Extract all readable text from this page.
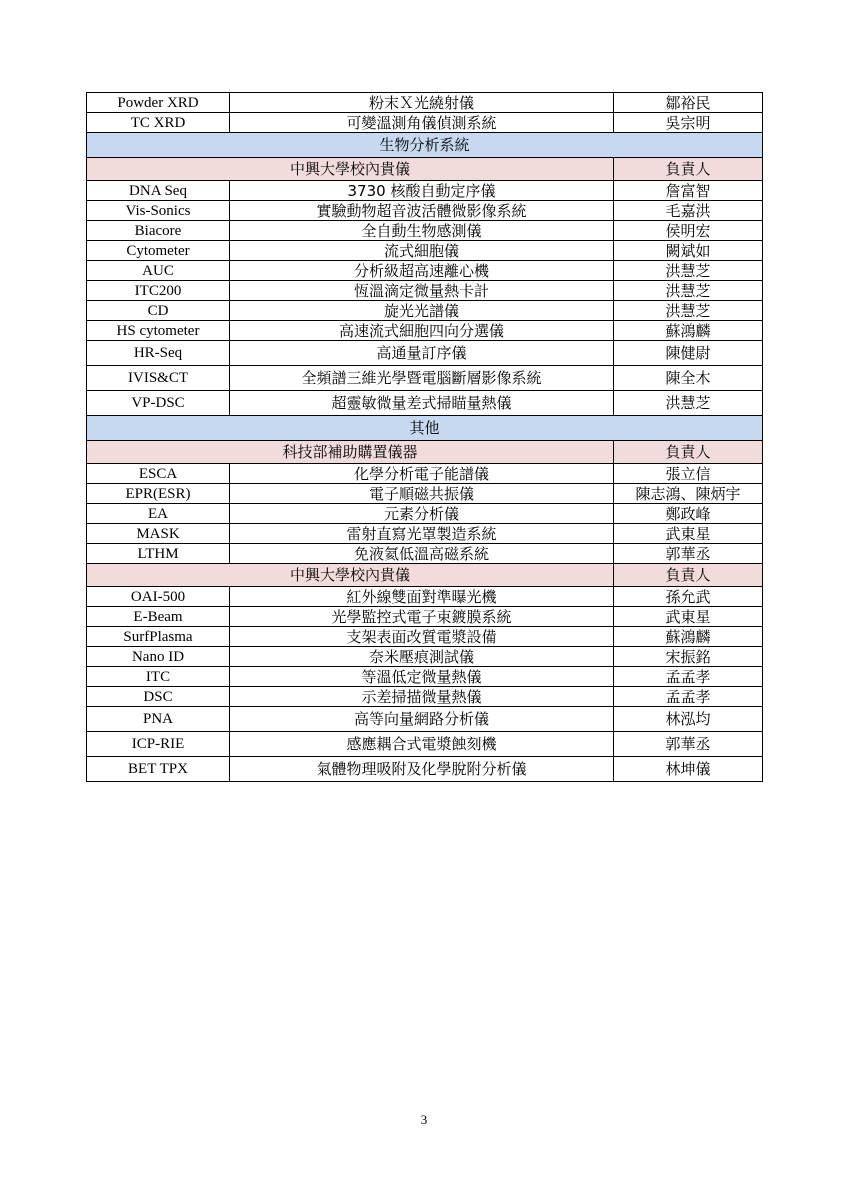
Powder XRD	粉末Ｘ光繞射儀	鄒裕民
TC XRD	可變溫測角儀偵測系統	吳宗明
生物分析系統		
中興大學校內貴儀		負責人
DNA Seq	3730 核酸自動定序儀	詹富智
Vis-Sonics	實驗動物超音波活體微影像系統	毛嘉洪
Biacore	全自動生物感測儀	侯明宏
Cytometer	流式細胞儀	闕斌如
AUC	分析級超高速離心機	洪慧芝
ITC200	恆溫滴定微量熱卡計	洪慧芝
CD	旋光光譜儀	洪慧芝
HS cytometer	高速流式細胞四向分選儀	蘇鴻麟
HR-Seq	高通量訂序儀	陳健尉
IVIS&CT	全頻譜三維光學暨電腦斷層影像系統	陳全木
VP-DSC	超靈敏微量差式掃瞄量熱儀	洪慧芝
其他		
科技部補助購置儀器		負責人
ESCA	化學分析電子能譜儀	張立信
EPR(ESR)	電子順磁共振儀	陳志鴻、陳炳宇
EA	元素分析儀	鄭政峰
MASK	雷射直寫光罩製造系統	武東星
LTHM	免液氦低溫高磁系統	郭華丞
中興大學校內貴儀		負責人
OAI-500	紅外線雙面對準曝光機	孫允武
E-Beam	光學監控式電子束鍍膜系統	武東星
SurfPlasma	支架表面改質電漿設備	蘇鴻麟
Nano ID	奈米壓痕測試儀	宋振銘
ITC	等溫低定微量熱儀	孟孟孝
DSC	示差掃描微量熱儀	孟孟孝
PNA	高等向量網路分析儀	林泓均
ICP-RIE	感應耦合式電漿蝕刻機	郭華丞
BET TPX	氣體物理吸附及化學脫附分析儀	林坤儀
3
